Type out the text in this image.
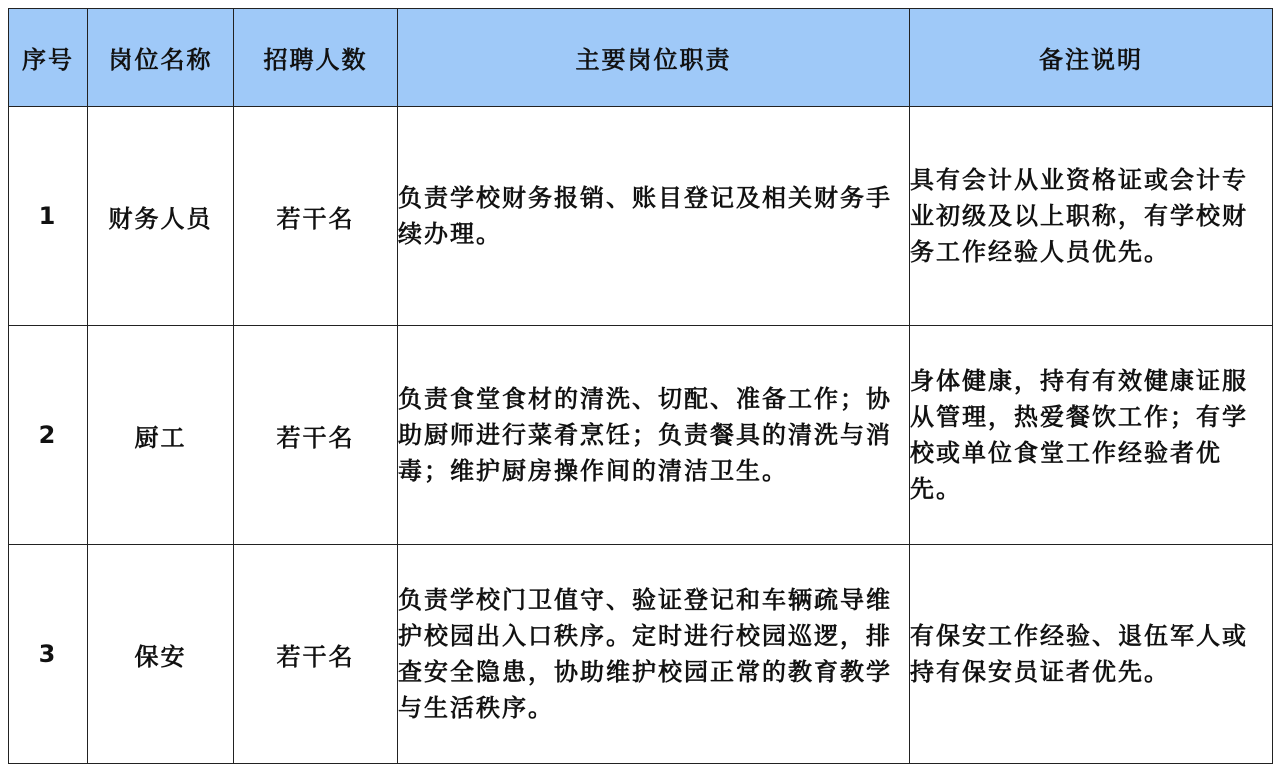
序号	岗位名称	招聘人数	主要岗位职责	备注说明
1	财务人员	若干名	负责学校财务报销、账目登记及相关财务手续办理。	具有会计从业资格证或会计专业初级及以上职称，有学校财务工作经验人员优先。
2	厨工	若干名	负责食堂食材的清洗、切配、准备工作；协助厨师进行菜肴烹饪；负责餐具的清洗与消毒；维护厨房操作间的清洁卫生。	身体健康，持有有效健康证服从管理，热爱餐饮工作；有学校或单位食堂工作经验者优先。
3	保安	若干名	负责学校门卫值守、验证登记和车辆疏导维护校园出入口秩序。定时进行校园巡逻，排查安全隐患，协助维护校园正常的教育教学与生活秩序。	有保安工作经验、退伍军人或持有保安员证者优先。
